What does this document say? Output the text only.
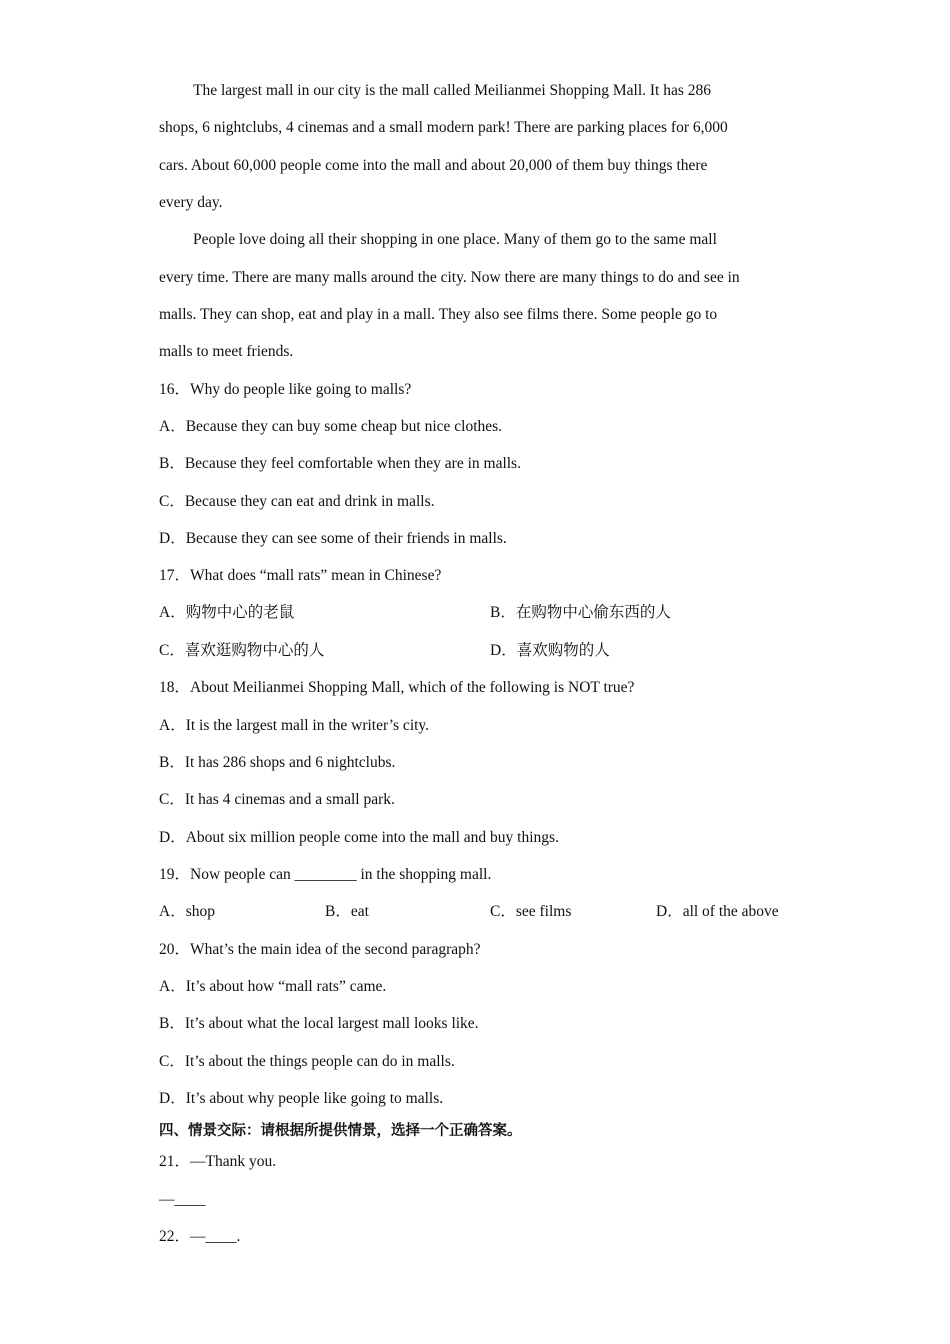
The largest mall in our city is the mall called Meilianmei Shopping Mall. It has 286
shops, 6 nightclubs, 4 cinemas and a small modern park! There are parking places for 6,000
cars. About 60,000 people come into the mall and about 20,000 of them buy things there
every day.
People love doing all their shopping in one place. Many of them go to the same mall
every time. There are many malls around the city. Now there are many things to do and see in
malls. They can shop, eat and play in a mall. They also see films there. Some people go to
malls to meet friends.
16．Why do people like going to malls?
A．Because they can buy some cheap but nice clothes.
B．Because they feel comfortable when they are in malls.
C．Because they can eat and drink in malls.
D．Because they can see some of their friends in malls.
17．What does “mall rats” mean in Chinese?
A．购物中心的老鼠	B．在购物中心偷东西的人
C．喜欢逛购物中心的人	D．喜欢购物的人
18．About Meilianmei Shopping Mall, which of the following is NOT true?
A．It is the largest mall in the writer’s city.
B．It has 286 shops and 6 nightclubs.
C．It has 4 cinemas and a small park.
D．About six million people come into the mall and buy things.
19．Now people can ________ in the shopping mall.
A．shop	B．eat	C．see films	D．all of the above
20．What’s the main idea of the second paragraph?
A．It’s about how “mall rats” came.
B．It’s about what the local largest mall looks like.
C．It’s about the things people can do in malls.
D．It’s about why people like going to malls.
四、情景交际：请根据所提供情景，选择一个正确答案。
21．—Thank you.
—____
22．—____.
